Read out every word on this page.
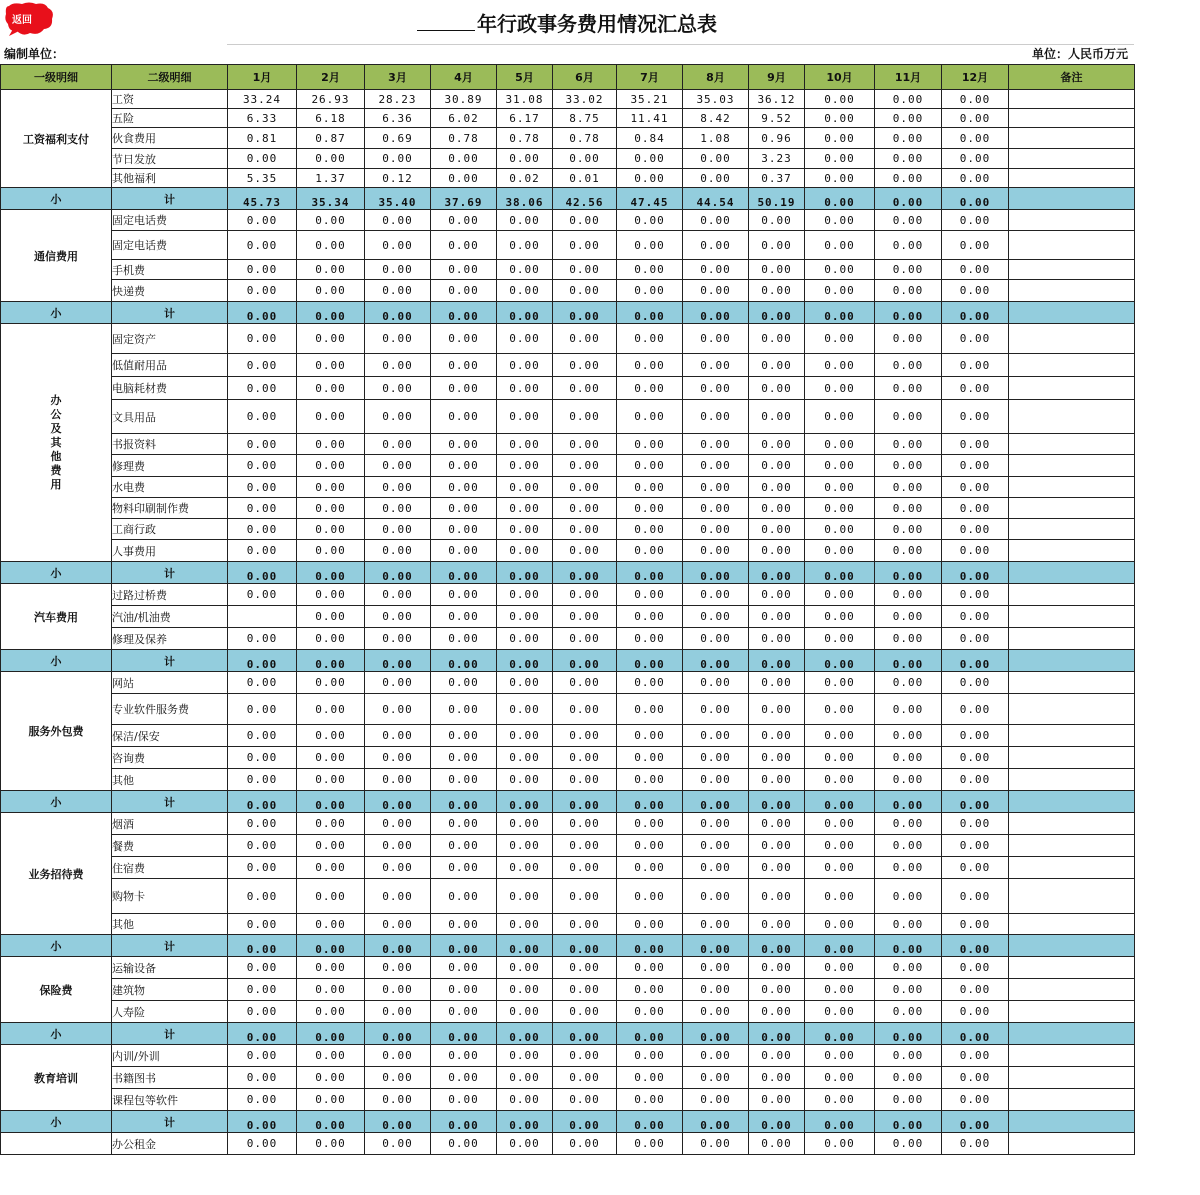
返回	年行政事务费用情况汇总表
编制单位：	单位：人民币万元
一级明细	二级明细	1月	2月	3月	4月	5月	6月	7月	8月	9月	10月	11月	12月	备注
工资福利支付	工资	33.24	26.93	28.23	30.89	31.08	33.02	35.21	35.03	36.12	0.00	0.00	0.00	
	五险	6.33	6.18	6.36	6.02	6.17	8.75	11.41	8.42	9.52	0.00	0.00	0.00	
	伙食费用	0.81	0.87	0.69	0.78	0.78	0.78	0.84	1.08	0.96	0.00	0.00	0.00	
	节日发放	0.00	0.00	0.00	0.00	0.00	0.00	0.00	0.00	3.23	0.00	0.00	0.00	
	其他福利	5.35	1.37	0.12	0.00	0.02	0.01	0.00	0.00	0.37	0.00	0.00	0.00	
小	计	45.73	35.34	35.40	37.69	38.06	42.56	47.45	44.54	50.19	0.00	0.00	0.00	
通信费用	固定电话费	0.00	0.00	0.00	0.00	0.00	0.00	0.00	0.00	0.00	0.00	0.00	0.00	
	固定电话费	0.00	0.00	0.00	0.00	0.00	0.00	0.00	0.00	0.00	0.00	0.00	0.00	
	手机费	0.00	0.00	0.00	0.00	0.00	0.00	0.00	0.00	0.00	0.00	0.00	0.00	
	快递费	0.00	0.00	0.00	0.00	0.00	0.00	0.00	0.00	0.00	0.00	0.00	0.00	
小	计	0.00	0.00	0.00	0.00	0.00	0.00	0.00	0.00	0.00	0.00	0.00	0.00	
办公及其他费用	固定资产	0.00	0.00	0.00	0.00	0.00	0.00	0.00	0.00	0.00	0.00	0.00	0.00	
	低值耐用品	0.00	0.00	0.00	0.00	0.00	0.00	0.00	0.00	0.00	0.00	0.00	0.00	
	电脑耗材费	0.00	0.00	0.00	0.00	0.00	0.00	0.00	0.00	0.00	0.00	0.00	0.00	
	文具用品	0.00	0.00	0.00	0.00	0.00	0.00	0.00	0.00	0.00	0.00	0.00	0.00	
	书报资料	0.00	0.00	0.00	0.00	0.00	0.00	0.00	0.00	0.00	0.00	0.00	0.00	
	修理费	0.00	0.00	0.00	0.00	0.00	0.00	0.00	0.00	0.00	0.00	0.00	0.00	
	水电费	0.00	0.00	0.00	0.00	0.00	0.00	0.00	0.00	0.00	0.00	0.00	0.00	
	物料印刷制作费	0.00	0.00	0.00	0.00	0.00	0.00	0.00	0.00	0.00	0.00	0.00	0.00	
	工商行政	0.00	0.00	0.00	0.00	0.00	0.00	0.00	0.00	0.00	0.00	0.00	0.00	
	人事费用	0.00	0.00	0.00	0.00	0.00	0.00	0.00	0.00	0.00	0.00	0.00	0.00	
小	计	0.00	0.00	0.00	0.00	0.00	0.00	0.00	0.00	0.00	0.00	0.00	0.00	
汽车费用	过路过桥费	0.00	0.00	0.00	0.00	0.00	0.00	0.00	0.00	0.00	0.00	0.00	0.00	
	汽油/机油费		0.00	0.00	0.00	0.00	0.00	0.00	0.00	0.00	0.00	0.00	0.00	
	修理及保养	0.00	0.00	0.00	0.00	0.00	0.00	0.00	0.00	0.00	0.00	0.00	0.00	
小	计	0.00	0.00	0.00	0.00	0.00	0.00	0.00	0.00	0.00	0.00	0.00	0.00	
服务外包费	网站	0.00	0.00	0.00	0.00	0.00	0.00	0.00	0.00	0.00	0.00	0.00	0.00	
	专业软件服务费	0.00	0.00	0.00	0.00	0.00	0.00	0.00	0.00	0.00	0.00	0.00	0.00	
	保洁/保安	0.00	0.00	0.00	0.00	0.00	0.00	0.00	0.00	0.00	0.00	0.00	0.00	
	咨询费	0.00	0.00	0.00	0.00	0.00	0.00	0.00	0.00	0.00	0.00	0.00	0.00	
	其他	0.00	0.00	0.00	0.00	0.00	0.00	0.00	0.00	0.00	0.00	0.00	0.00	
小	计	0.00	0.00	0.00	0.00	0.00	0.00	0.00	0.00	0.00	0.00	0.00	0.00	
业务招待费	烟酒	0.00	0.00	0.00	0.00	0.00	0.00	0.00	0.00	0.00	0.00	0.00	0.00	
	餐费	0.00	0.00	0.00	0.00	0.00	0.00	0.00	0.00	0.00	0.00	0.00	0.00	
	住宿费	0.00	0.00	0.00	0.00	0.00	0.00	0.00	0.00	0.00	0.00	0.00	0.00	
	购物卡	0.00	0.00	0.00	0.00	0.00	0.00	0.00	0.00	0.00	0.00	0.00	0.00	
	其他	0.00	0.00	0.00	0.00	0.00	0.00	0.00	0.00	0.00	0.00	0.00	0.00	
小	计	0.00	0.00	0.00	0.00	0.00	0.00	0.00	0.00	0.00	0.00	0.00	0.00	
保险费	运输设备	0.00	0.00	0.00	0.00	0.00	0.00	0.00	0.00	0.00	0.00	0.00	0.00	
	建筑物	0.00	0.00	0.00	0.00	0.00	0.00	0.00	0.00	0.00	0.00	0.00	0.00	
	人寿险	0.00	0.00	0.00	0.00	0.00	0.00	0.00	0.00	0.00	0.00	0.00	0.00	
小	计	0.00	0.00	0.00	0.00	0.00	0.00	0.00	0.00	0.00	0.00	0.00	0.00	
教育培训	内训/外训	0.00	0.00	0.00	0.00	0.00	0.00	0.00	0.00	0.00	0.00	0.00	0.00	
	书籍图书	0.00	0.00	0.00	0.00	0.00	0.00	0.00	0.00	0.00	0.00	0.00	0.00	
	课程包等软件	0.00	0.00	0.00	0.00	0.00	0.00	0.00	0.00	0.00	0.00	0.00	0.00	
小	计	0.00	0.00	0.00	0.00	0.00	0.00	0.00	0.00	0.00	0.00	0.00	0.00	
	办公租金	0.00	0.00	0.00	0.00	0.00	0.00	0.00	0.00	0.00	0.00	0.00	0.00	
